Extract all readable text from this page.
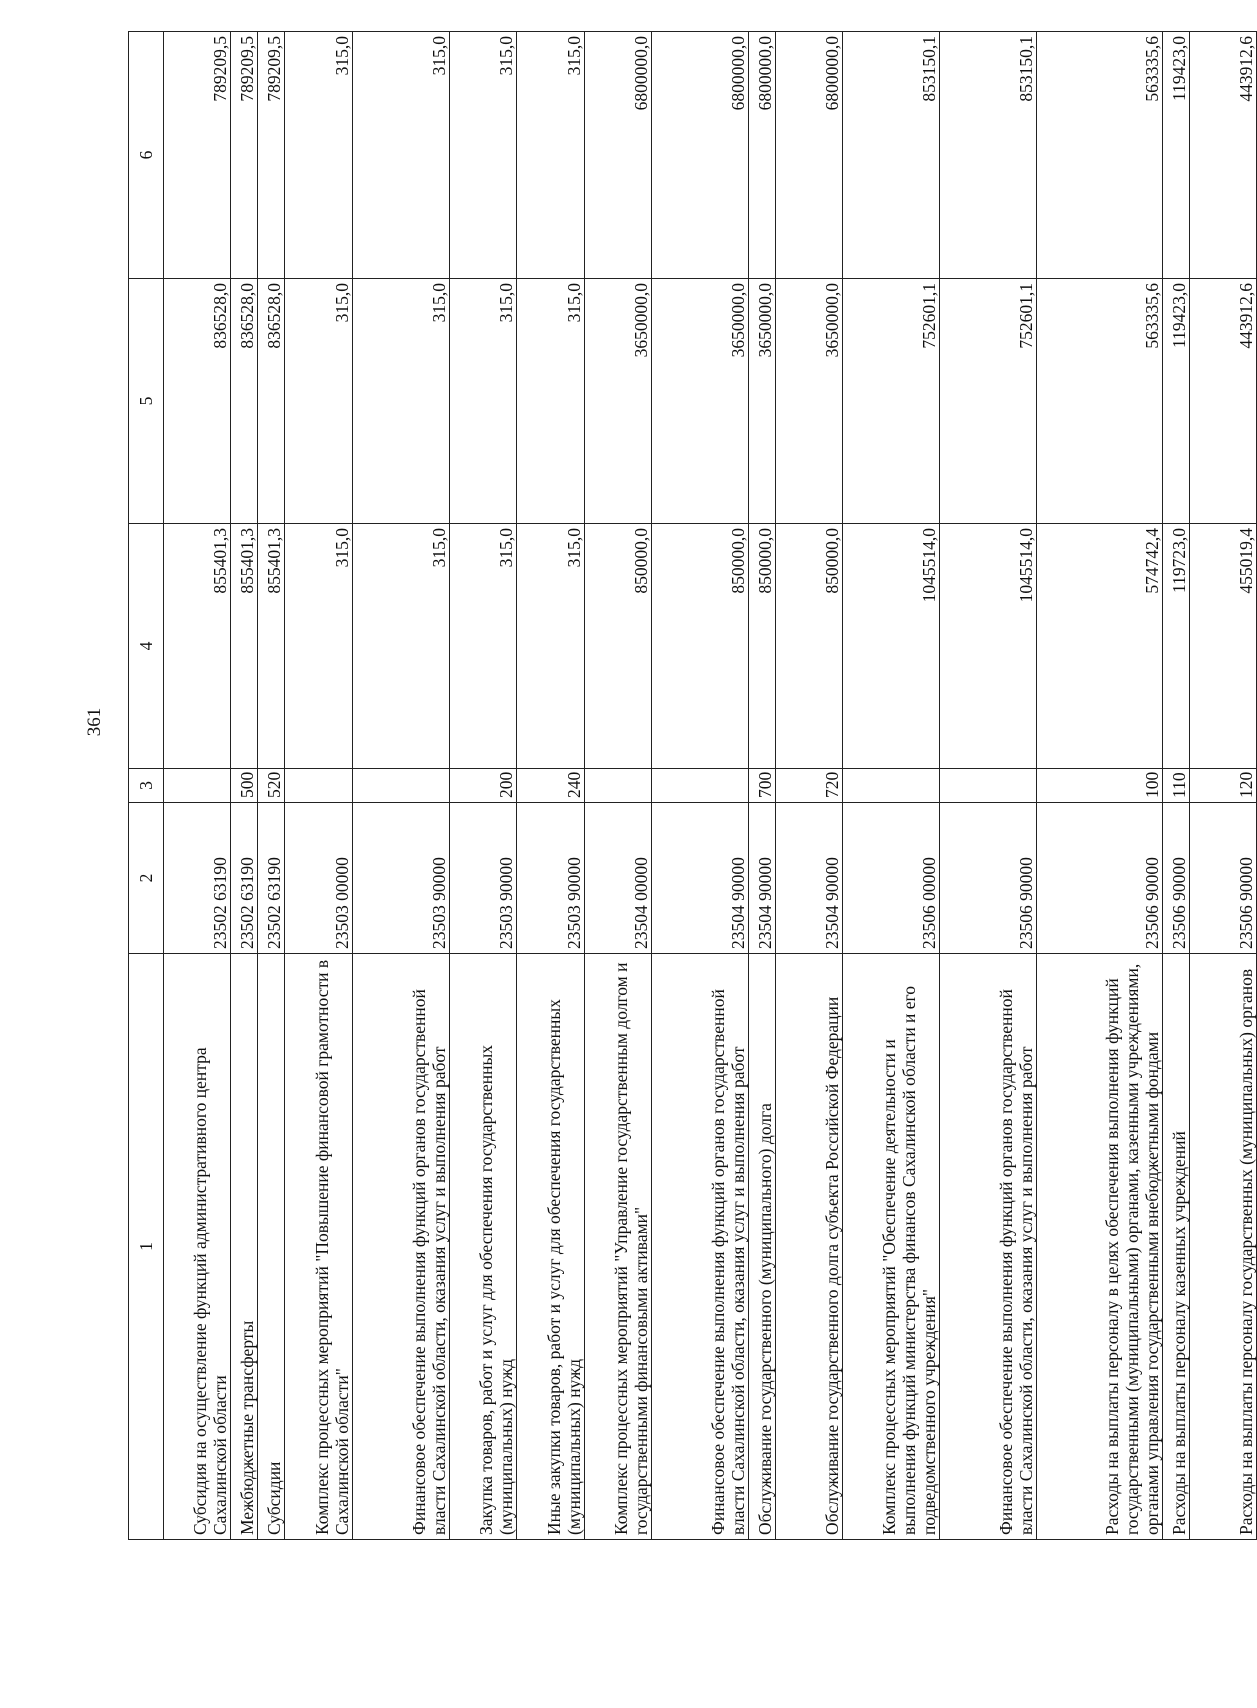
361
1	2	3	4	5	6
Субсидия на осуществление функций административного центра Сахалинской области	23502 63190		855401,3	836528,0	789209,5
Межбюджетные трансферты	23502 63190	500	855401,3	836528,0	789209,5
Субсидии	23502 63190	520	855401,3	836528,0	789209,5
Комплекс процессных мероприятий "Повышение финансовой грамотности в Сахалинской области"	23503 00000		315,0	315,0	315,0
Финансовое обеспечение выполнения функций органов государственной власти Сахалинской области, оказания услуг и выполнения работ	23503 90000		315,0	315,0	315,0
Закупка товаров, работ и услуг для обеспечения государственных (муниципальных) нужд	23503 90000	200	315,0	315,0	315,0
Иные закупки товаров, работ и услуг для обеспечения государственных (муниципальных) нужд	23503 90000	240	315,0	315,0	315,0
Комплекс процессных мероприятий "Управление государственным долгом и государственными финансовыми активами"	23504 00000		850000,0	3650000,0	6800000,0
Финансовое обеспечение выполнения функций органов государственной власти Сахалинской области, оказания услуг и выполнения работ	23504 90000		850000,0	3650000,0	6800000,0
Обслуживание государственного (муниципального) долга	23504 90000	700	850000,0	3650000,0	6800000,0
Обслуживание государственного долга субъекта Российской Федерации	23504 90000	720	850000,0	3650000,0	6800000,0
Комплекс процессных мероприятий "Обеспечение деятельности и выполнения функций министерства финансов Сахалинской области и его подведомственного учреждения"	23506 00000		1045514,0	752601,1	853150,1
Финансовое обеспечение выполнения функций органов государственной власти Сахалинской области, оказания услуг и выполнения работ	23506 90000		1045514,0	752601,1	853150,1
Расходы на выплаты персоналу в целях обеспечения выполнения функций государственными (муниципальными) органами, казенными учреждениями, органами управления государственными внебюджетными фондами	23506 90000	100	574742,4	563335,6	563335,6
Расходы на выплаты персоналу казенных учреждений	23506 90000	110	119723,0	119423,0	119423,0
Расходы на выплаты персоналу государственных (муниципальных) органов	23506 90000	120	455019,4	443912,6	443912,6
